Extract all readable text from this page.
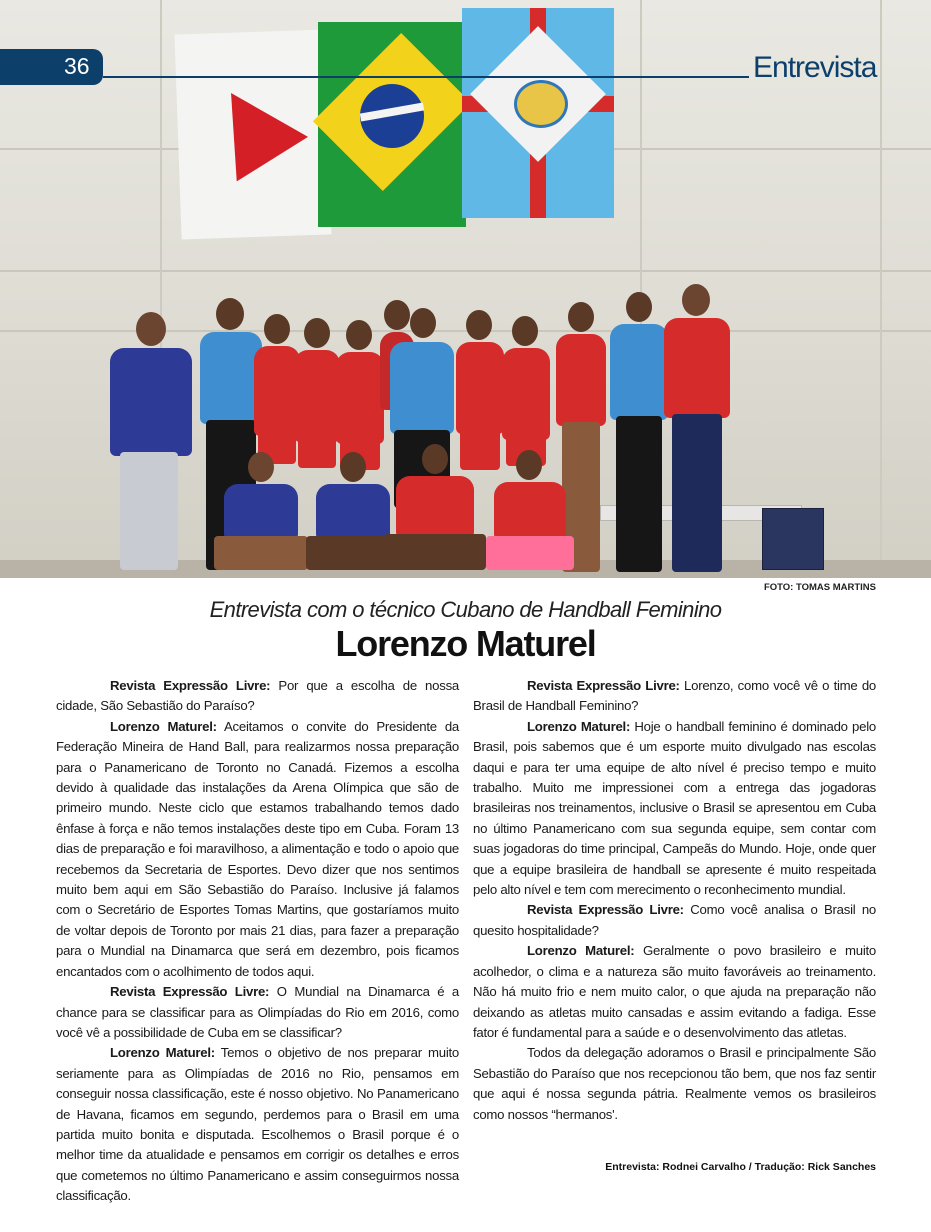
36	Entrevista
FOTO: TOMAS MARTINS
Entrevista com o técnico Cubano de Handball Feminino
Lorenzo Maturel

Revista Expressão Livre: Por que a escolha de nossa cidade, São Sebastião do Paraíso?

Lorenzo Maturel: Aceitamos o convite do Presidente da Federação Mineira de Hand Ball, para realizarmos nossa preparação para o Panamericano de Toronto no Canadá. Fizemos a escolha devido à qualidade das instalações da Arena Olímpica que são de primeiro mundo. Neste ciclo que estamos trabalhando temos dado ênfase à força e não temos instalações deste tipo em Cuba. Foram 13 dias de preparação e foi maravilhoso, a alimentação e todo o apoio que recebemos da Secretaria de Esportes. Devo dizer que nos sentimos muito bem aqui em São Sebastião do Paraíso. Inclusive já falamos com o Secretário de Esportes Tomas Martins, que gostaríamos muito de voltar depois de Toronto por mais 21 dias, para fazer a preparação para o Mundial na Dinamarca que será em dezembro, pois ficamos encantados com o acolhimento de todos aqui.

Revista Expressão Livre: O Mundial na Dinamarca é a chance para se classificar para as Olimpíadas do Rio em 2016, como você vê a possibilidade de Cuba em se classificar?

Lorenzo Maturel: Temos o objetivo de nos preparar muito seriamente para as Olimpíadas de 2016 no Rio, pensamos em conseguir nossa classificação, este é nosso objetivo. No Panamericano de Havana, ficamos em segundo, perdemos para o Brasil em uma partida muito bonita e disputada. Escolhemos o Brasil porque é o melhor time da atualidade e pensamos em corrigir os detalhes e erros que cometemos no último Panamericano e assim conseguirmos nossa classificação.

Revista Expressão Livre: Lorenzo, como você vê o time do Brasil de Handball Feminino?

Lorenzo Maturel: Hoje o handball feminino é dominado pelo Brasil, pois sabemos que é um esporte muito divulgado nas escolas daqui e para ter uma equipe de alto nível é preciso tempo e muito trabalho. Muito me impressionei com a entrega das jogadoras brasileiras nos treinamentos, inclusive o Brasil se apresentou em Cuba no último Panamericano com sua segunda equipe, sem contar com suas jogadoras do time principal, Campeãs do Mundo. Hoje, onde quer que a equipe brasileira de handball se apresente é muito respeitada pelo alto nível e tem com merecimento o reconhecimento mundial.

Revista Expressão Livre: Como você analisa o Brasil no quesito hospitalidade?

Lorenzo Maturel: Geralmente o povo brasileiro e muito acolhedor, o clima e a natureza são muito favoráveis ao treinamento. Não há muito frio e nem muito calor, o que ajuda na preparação não deixando as atletas muito cansadas e assim evitando a fadiga. Esse fator é fundamental para a saúde e o desenvolvimento das atletas.

Todos da delegação adoramos o Brasil e principalmente São Sebastião do Paraíso que nos recepcionou tão bem, que nos faz sentir que aqui é nossa segunda pátria. Realmente vemos os brasileiros como nossos “hermanos'.

Entrevista: Rodnei Carvalho / Tradução: Rick Sanches
